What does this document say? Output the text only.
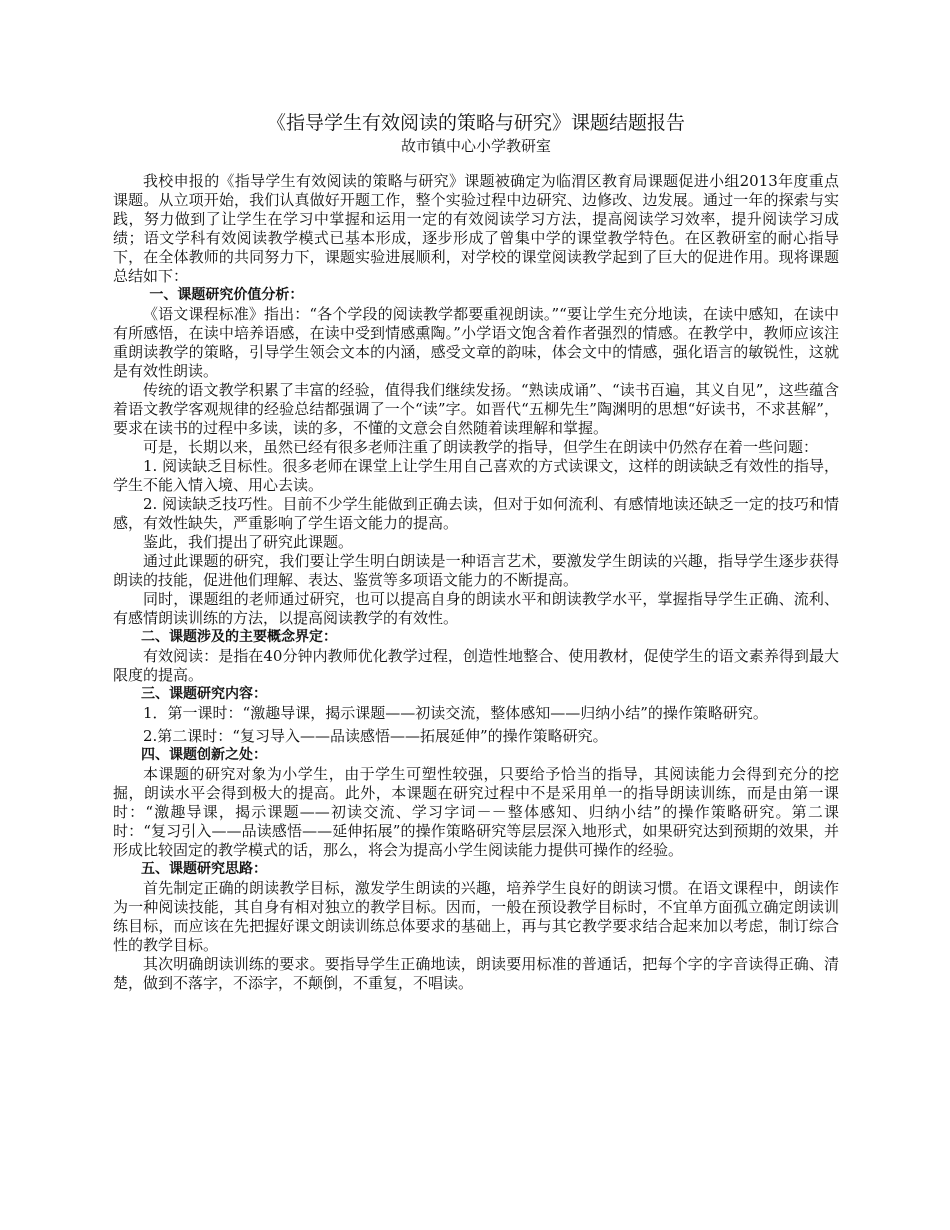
《指导学生有效阅读的策略与研究》课题结题报告
故市镇中心小学教研室

我校申报的《指导学生有效阅读的策略与研究》课题被确定为临渭区教育局课题促进小组2013年度重点课题。从立项开始，我们认真做好开题工作，整个实验过程中边研究、边修改、边发展。通过一年的探索与实践，努力做到了让学生在学习中掌握和运用一定的有效阅读学习方法，提高阅读学习效率，提升阅读学习成绩；语文学科有效阅读教学模式已基本形成，逐步形成了曾集中学的课堂教学特色。在区教研室的耐心指导下，在全体教师的共同努力下，课题实验进展顺利，对学校的课堂阅读教学起到了巨大的促进作用。现将课题总结如下：

一、课题研究价值分析：

《语文课程标准》指出：“各个学段的阅读教学都要重视朗读。”“要让学生充分地读，在读中感知，在读中有所感悟，在读中培养语感，在读中受到情感熏陶。”小学语文饱含着作者强烈的情感。在教学中，教师应该注重朗读教学的策略，引导学生领会文本的内涵，感受文章的韵味，体会文中的情感，强化语言的敏锐性，这就是有效性朗读。

传统的语文教学积累了丰富的经验，值得我们继续发扬。“熟读成诵”、“读书百遍，其义自见”，这些蕴含着语文教学客观规律的经验总结都强调了一个“读”字。如晋代“五柳先生”陶渊明的思想“好读书，不求甚解”，要求在读书的过程中多读，读的多，不懂的文意会自然随着读理解和掌握。

可是，长期以来，虽然已经有很多老师注重了朗读教学的指导，但学生在朗读中仍然存在着一些问题：

1. 阅读缺乏目标性。很多老师在课堂上让学生用自己喜欢的方式读课文，这样的朗读缺乏有效性的指导，学生不能入情入境、用心去读。

2. 阅读缺乏技巧性。目前不少学生能做到正确去读，但对于如何流利、有感情地读还缺乏一定的技巧和情感，有效性缺失，严重影响了学生语文能力的提高。

鉴此，我们提出了研究此课题。

通过此课题的研究，我们要让学生明白朗读是一种语言艺术，要激发学生朗读的兴趣，指导学生逐步获得朗读的技能，促进他们理解、表达、鉴赏等多项语文能力的不断提高。

同时，课题组的老师通过研究，也可以提高自身的朗读水平和朗读教学水平，掌握指导学生正确、流利、有感情朗读训练的方法，以提高阅读教学的有效性。

二、课题涉及的主要概念界定：

有效阅读：是指在40分钟内教师优化教学过程，创造性地整合、使用教材，促使学生的语文素养得到最大限度的提高。

三、课题研究内容：

1．第一课时：“激趣导课，揭示课题——初读交流，整体感知——归纳小结”的操作策略研究。

2.第二课时：“复习导入——品读感悟——拓展延伸”的操作策略研究。

四、课题创新之处：

本课题的研究对象为小学生，由于学生可塑性较强，只要给予恰当的指导，其阅读能力会得到充分的挖掘，朗读水平会得到极大的提高。此外，本课题在研究过程中不是采用单一的指导朗读训练，而是由第一课时：“激趣导课，揭示课题——初读交流、学习字词－－整体感知、归纳小结”的操作策略研究。第二课时：“复习引入——品读感悟——延伸拓展”的操作策略研究等层层深入地形式，如果研究达到预期的效果，并形成比较固定的教学模式的话，那么，将会为提高小学生阅读能力提供可操作的经验。

五、课题研究思路：

首先制定正确的朗读教学目标，激发学生朗读的兴趣，培养学生良好的朗读习惯。在语文课程中，朗读作为一种阅读技能，其自身有相对独立的教学目标。因而，一般在预设教学目标时，不宜单方面孤立确定朗读训练目标，而应该在先把握好课文朗读训练总体要求的基础上，再与其它教学要求结合起来加以考虑，制订综合性的教学目标。

其次明确朗读训练的要求。要指导学生正确地读，朗读要用标准的普通话，把每个字的字音读得正确、清楚，做到不落字，不添字，不颠倒，不重复，不唱读。
